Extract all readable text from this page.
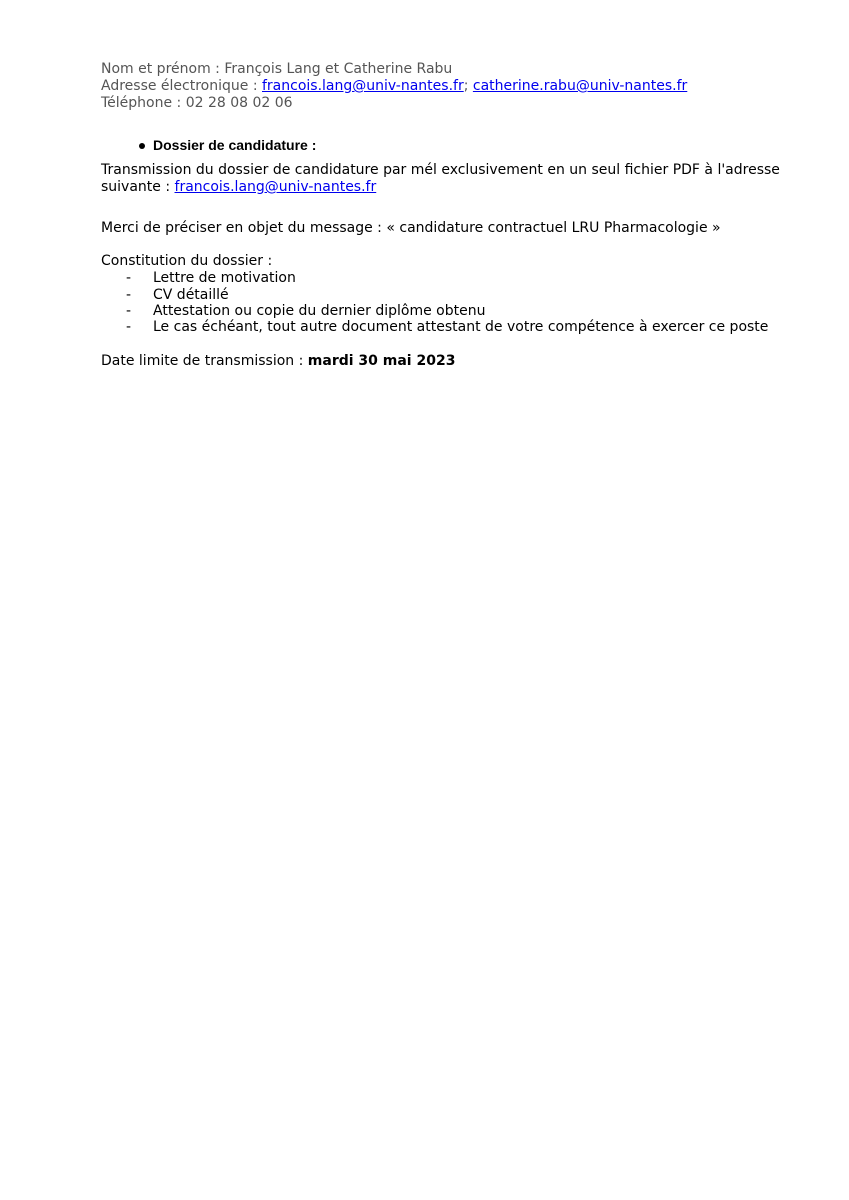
Nom et prénom : François Lang et Catherine Rabu
Adresse électronique : francois.lang@univ-nantes.fr; catherine.rabu@univ-nantes.fr
Téléphone : 02 28 08 02 06
Dossier de candidature :
Transmission du dossier de candidature par mél exclusivement en un seul fichier PDF à l'adresse
suivante : francois.lang@univ-nantes.fr
Merci de préciser en objet du message : « candidature contractuel LRU Pharmacologie »
Constitution du dossier :
- Lettre de motivation
- CV détaillé
- Attestation ou copie du dernier diplôme obtenu
- Le cas échéant, tout autre document attestant de votre compétence à exercer ce poste
Date limite de transmission : mardi 30 mai 2023
